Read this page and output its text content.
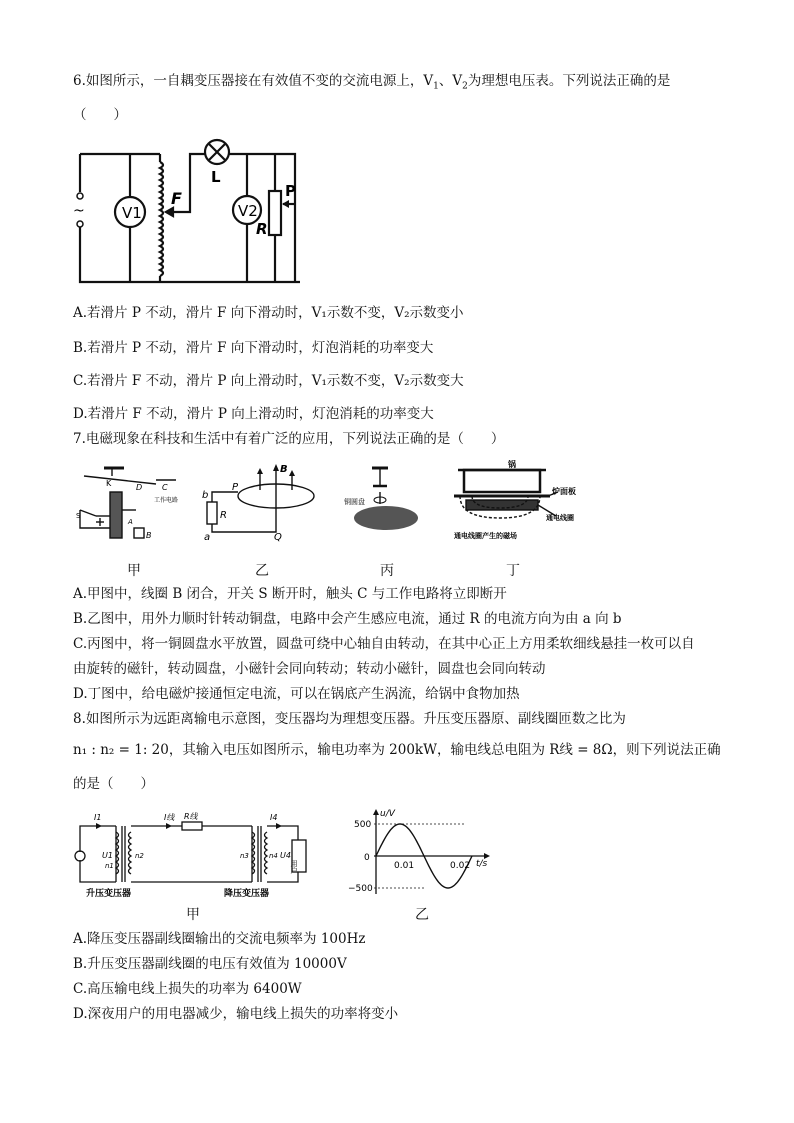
6.如图所示，一自耦变压器接在有效值不变的交流电源上，$V_1$、$V_2$为理想电压表。下列说法正确的是
（　　）
~ V1	V2
F
L
P
R
A.若滑片 P 不动，滑片 F 向下滑动时，V₁示数不变，V₂示数变小
B.若滑片 P 不动，滑片 F 向下滑动时，灯泡消耗的功率变大
C.若滑片 F 不动，滑片 P 向上滑动时，V₁示数不变，V₂示数变大
D.若滑片 F 不动，滑片 P 向上滑动时，灯泡消耗的功率变大
7.电磁现象在科技和生活中有着广泛的应用，下列说法正确的是（　　）
K	D C
工作电路
S
A
B
B
P
b
R
a	Q
铜圆盘
锅
炉面板
通电线圈
通电线圈产生的磁场
甲	乙	丙	丁
A.甲图中，线圈 B 闭合，开关 S 断开时，触头 C 与工作电路将立即断开
B.乙图中，用外力顺时针转动铜盘，电路中会产生感应电流，通过 R 的电流方向为由 a 向 b
C.丙图中，将一铜圆盘水平放置，圆盘可绕中心轴自由转动，在其中心正上方用柔软细线悬挂一枚可以自
由旋转的磁针，转动圆盘，小磁针会同向转动；转动小磁针，圆盘也会同向转动
D.丁图中，给电磁炉接通恒定电流，可以在锅底产生涡流，给锅中食物加热
8.如图所示为远距离输电示意图，变压器均为理想变压器。升压变压器原、副线圈匝数之比为
n₁ : n₂ = 1: 20，其输入电压如图所示，输电功率为 200kW，输电线总电阻为 R线 = 8Ω，则下列说法正确
的是（　　）
I1
U1
n1
n2
I线 R线
n3	n4
I4
U4
用户
升压变压器	降压变压器
u/V
t/s
500
0
−500
0.01	0.02
甲	乙
A.降压变压器副线圈输出的交流电频率为 100Hz
B.升压变压器副线圈的电压有效值为 10000V
C.高压输电线上损失的功率为 6400W
D.深夜用户的用电器减少，输电线上损失的功率将变小
